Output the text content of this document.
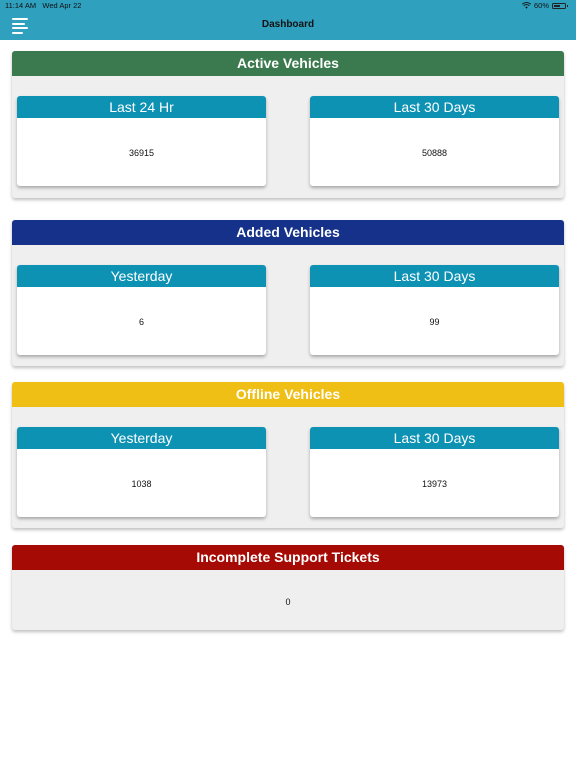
11:14 AM Wed Apr 22	60%
Dashboard
Active Vehicles
Last 24 Hr
36915
Last 30 Days
50888
Added Vehicles
Yesterday
6
Last 30 Days
99
Offline Vehicles
Yesterday
1038
Last 30 Days
13973
Incomplete Support Tickets
0
